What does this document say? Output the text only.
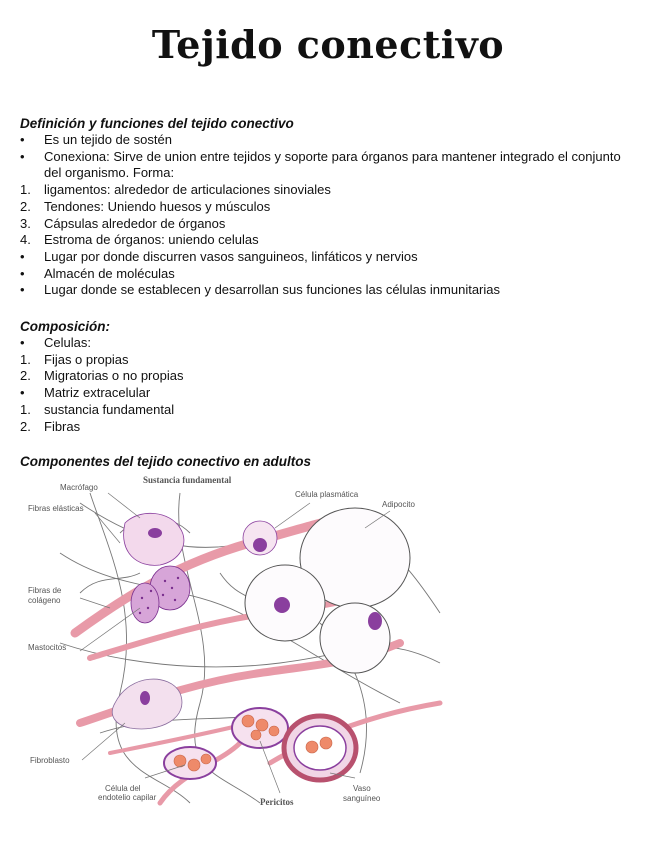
Tejido conectivo

Definición y funciones del tejido conectivo

•	Es un tejido de sostén
•	Conexiona: Sirve de union entre tejidos y soporte para órganos para mantener integrado el conjunto del organismo. Forma:
1.	ligamentos: alrededor de articulaciones sinoviales
2.	Tendones: Uniendo huesos y músculos
3.	Cápsulas alrededor de órganos
4.	Estroma de órganos: uniendo celulas
•	Lugar por donde discurren vasos sanguineos, linfáticos y nervios
•	Almacén de moléculas
•	Lugar donde se establecen y desarrollan sus funciones las células inmunitarias

Composición:

•	Celulas:
1.	Fijas o propias
2.	Migratorias o no propias
•	Matriz extracelular
1.	sustancia fundamental
2.	Fibras

Componentes del tejido conectivo en adultos

Macrófago
Sustancia fundamental
Célula plasmática
Adipocito
Fibras elásticas
Fibras de
colágeno
Mastocitos
Fibroblasto
Célula del
endotelio capilar	Pericitos
Vaso
sanguíneo
